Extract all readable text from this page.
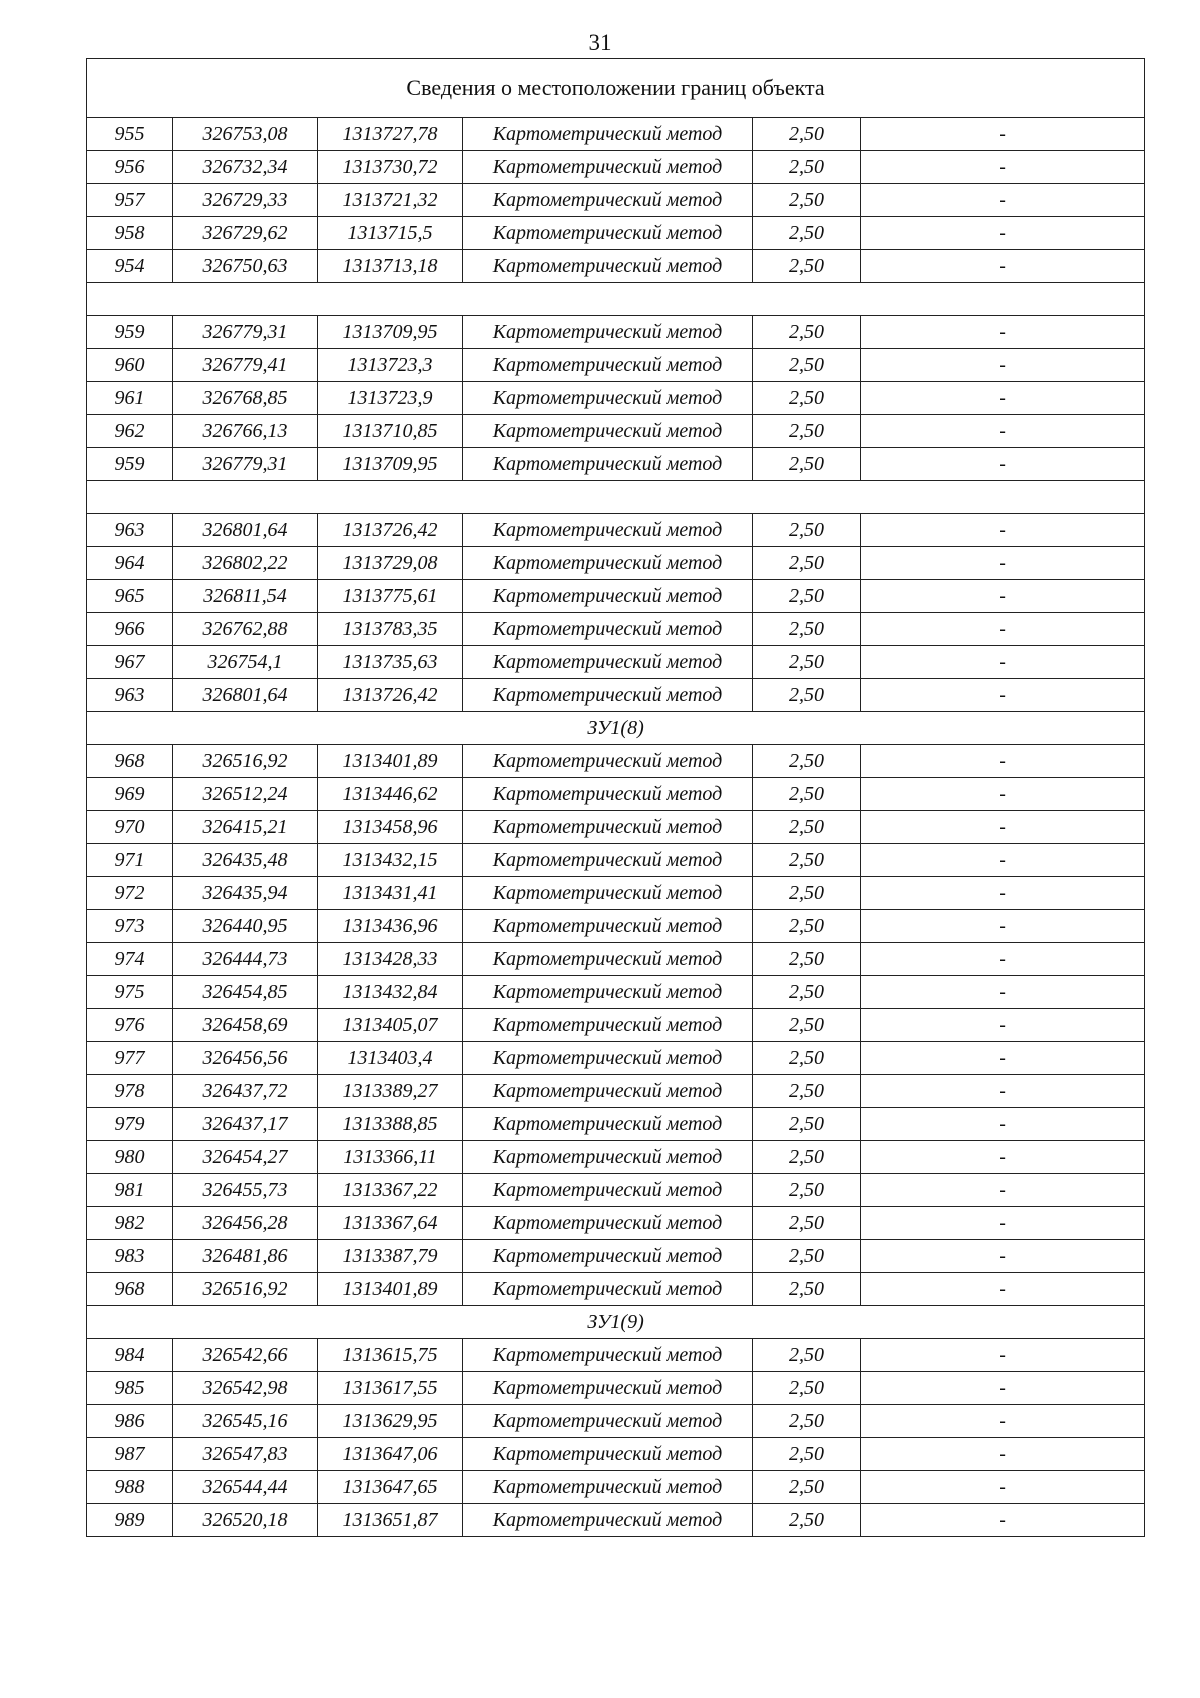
31
Сведения о местоположении границ объекта					
955	326753,08	1313727,78	Картометрический метод	2,50	-
956	326732,34	1313730,72	Картометрический метод	2,50	-
957	326729,33	1313721,32	Картометрический метод	2,50	-
958	326729,62	1313715,5	Картометрический метод	2,50	-
954	326750,63	1313713,18	Картометрический метод	2,50	-

959	326779,31	1313709,95	Картометрический метод	2,50	-
960	326779,41	1313723,3	Картометрический метод	2,50	-
961	326768,85	1313723,9	Картометрический метод	2,50	-
962	326766,13	1313710,85	Картометрический метод	2,50	-
959	326779,31	1313709,95	Картометрический метод	2,50	-

963	326801,64	1313726,42	Картометрический метод	2,50	-
964	326802,22	1313729,08	Картометрический метод	2,50	-
965	326811,54	1313775,61	Картометрический метод	2,50	-
966	326762,88	1313783,35	Картометрический метод	2,50	-
967	326754,1	1313735,63	Картометрический метод	2,50	-
963	326801,64	1313726,42	Картометрический метод	2,50	-
ЗУ1(8)					
968	326516,92	1313401,89	Картометрический метод	2,50	-
969	326512,24	1313446,62	Картометрический метод	2,50	-
970	326415,21	1313458,96	Картометрический метод	2,50	-
971	326435,48	1313432,15	Картометрический метод	2,50	-
972	326435,94	1313431,41	Картометрический метод	2,50	-
973	326440,95	1313436,96	Картометрический метод	2,50	-
974	326444,73	1313428,33	Картометрический метод	2,50	-
975	326454,85	1313432,84	Картометрический метод	2,50	-
976	326458,69	1313405,07	Картометрический метод	2,50	-
977	326456,56	1313403,4	Картометрический метод	2,50	-
978	326437,72	1313389,27	Картометрический метод	2,50	-
979	326437,17	1313388,85	Картометрический метод	2,50	-
980	326454,27	1313366,11	Картометрический метод	2,50	-
981	326455,73	1313367,22	Картометрический метод	2,50	-
982	326456,28	1313367,64	Картометрический метод	2,50	-
983	326481,86	1313387,79	Картометрический метод	2,50	-
968	326516,92	1313401,89	Картометрический метод	2,50	-
ЗУ1(9)					
984	326542,66	1313615,75	Картометрический метод	2,50	-
985	326542,98	1313617,55	Картометрический метод	2,50	-
986	326545,16	1313629,95	Картометрический метод	2,50	-
987	326547,83	1313647,06	Картометрический метод	2,50	-
988	326544,44	1313647,65	Картометрический метод	2,50	-
989	326520,18	1313651,87	Картометрический метод	2,50	-
